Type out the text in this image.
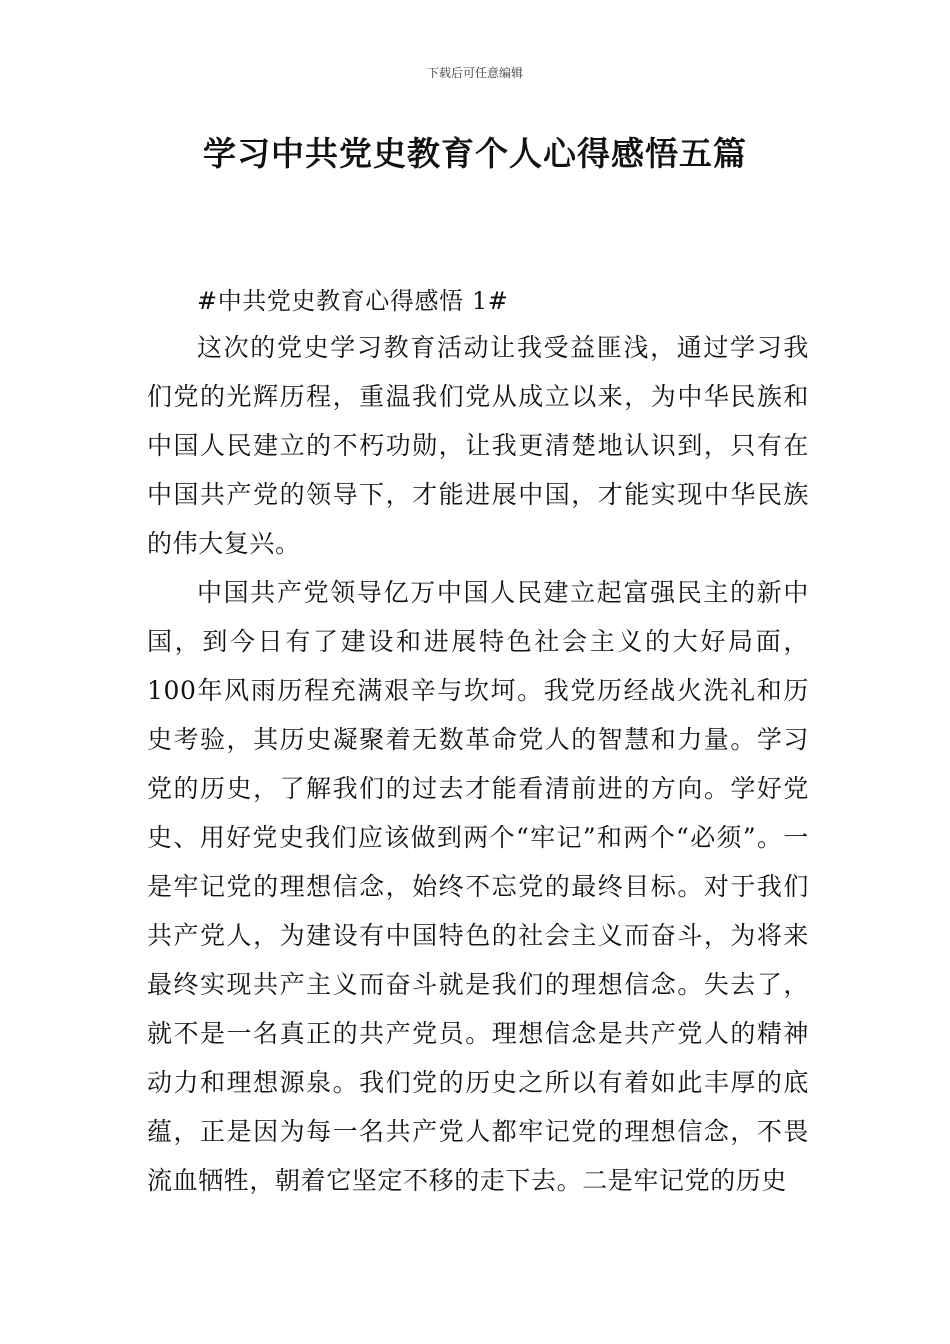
下载后可任意编辑
学习中共党史教育个人心得感悟五篇
#中共党史教育心得感悟 1#

这次的党史学习教育活动让我受益匪浅，通过学习我们党的光辉历程，重温我们党从成立以来，为中华民族和中国人民建立的不朽功勋，让我更清楚地认识到，只有在中国共产党的领导下，才能进展中国，才能实现中华民族的伟大复兴。

中国共产党领导亿万中国人民建立起富强民主的新中国，到今日有了建设和进展特色社会主义的大好局面，100年风雨历程充满艰辛与坎坷。我党历经战火洗礼和历史考验，其历史凝聚着无数革命党人的智慧和力量。学习党的历史，了解我们的过去才能看清前进的方向。学好党史、用好党史我们应该做到两个“牢记”和两个“必须”。一是牢记党的理想信念，始终不忘党的最终目标。对于我们共产党人，为建设有中国特色的社会主义而奋斗，为将来最终实现共产主义而奋斗就是我们的理想信念。失去了，就不是一名真正的共产党员。理想信念是共产党人的精神动力和理想源泉。我们党的历史之所以有着如此丰厚的底蕴，正是因为每一名共产党人都牢记党的理想信念，不畏流血牺牲，朝着它坚定不移的走下去。二是牢记党的历史
